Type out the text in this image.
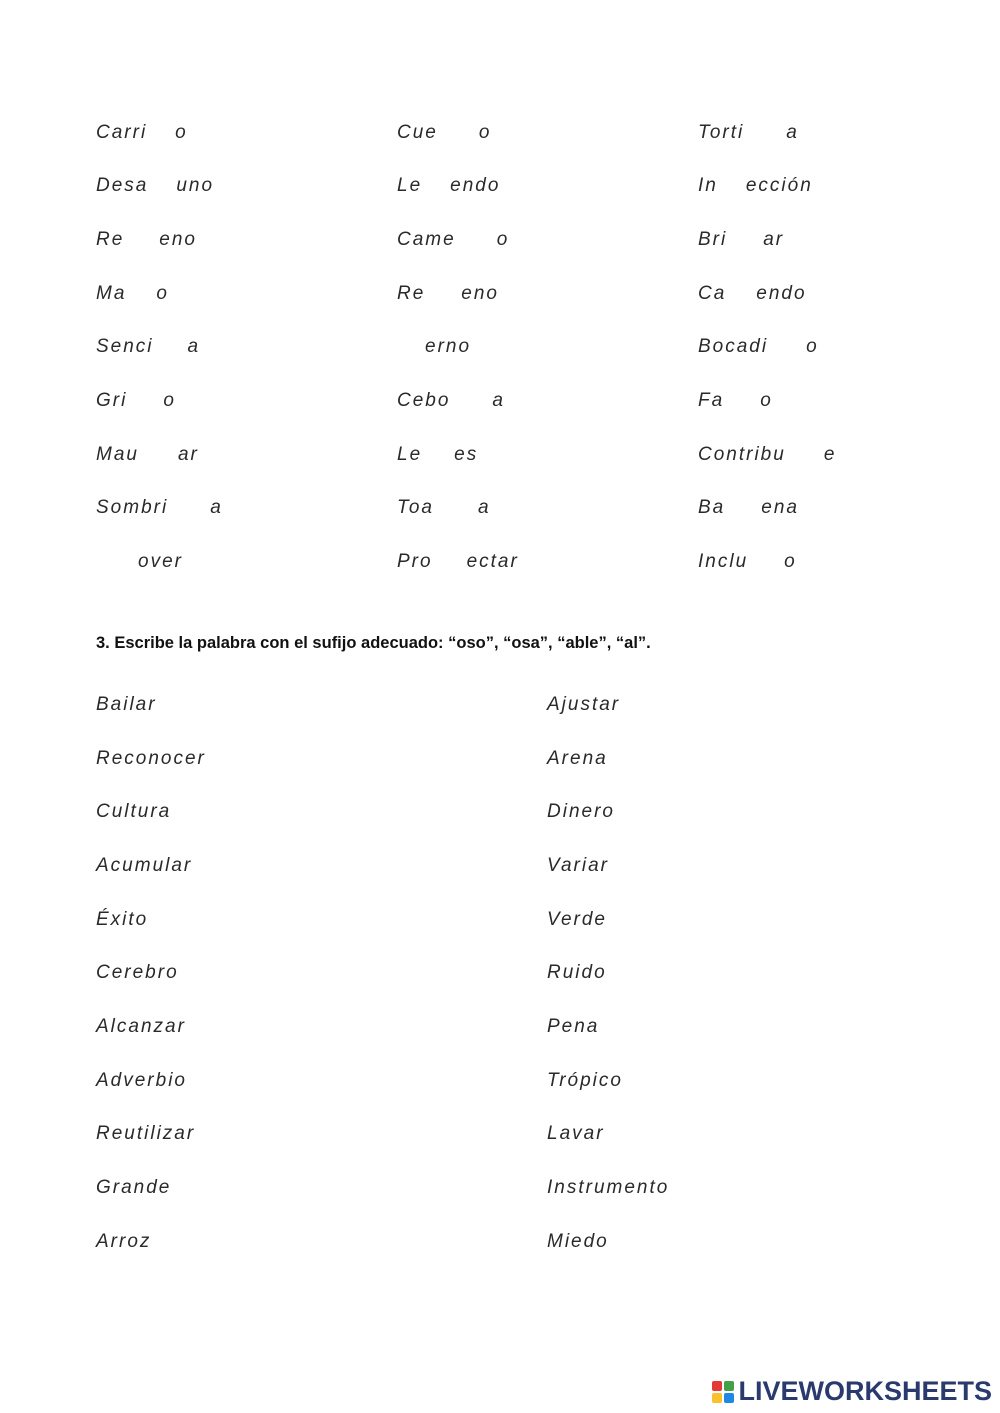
Carri o
Desa uno
Re eno
Ma o
Senci a
Gri o
Mau ar
Sombri a
over
Cue o
Le endo
Came o
Re eno
erno
Cebo a
Le es
Toa a
Pro ectar
Torti a
In ección
Bri ar
Ca endo
Bocadi o
Fa o
Contribu e
Ba ena
Inclu o
3. Escribe la palabra con el sufijo adecuado: “oso”, “osa”, “able”, “al”.
Bailar
Reconocer
Cultura
Acumular
Éxito
Cerebro
Alcanzar
Adverbio
Reutilizar
Grande
Arroz
Ajustar
Arena
Dinero
Variar
Verde
Ruido
Pena
Trópico
Lavar
Instrumento
Miedo
LIVEWORKSHEETS
